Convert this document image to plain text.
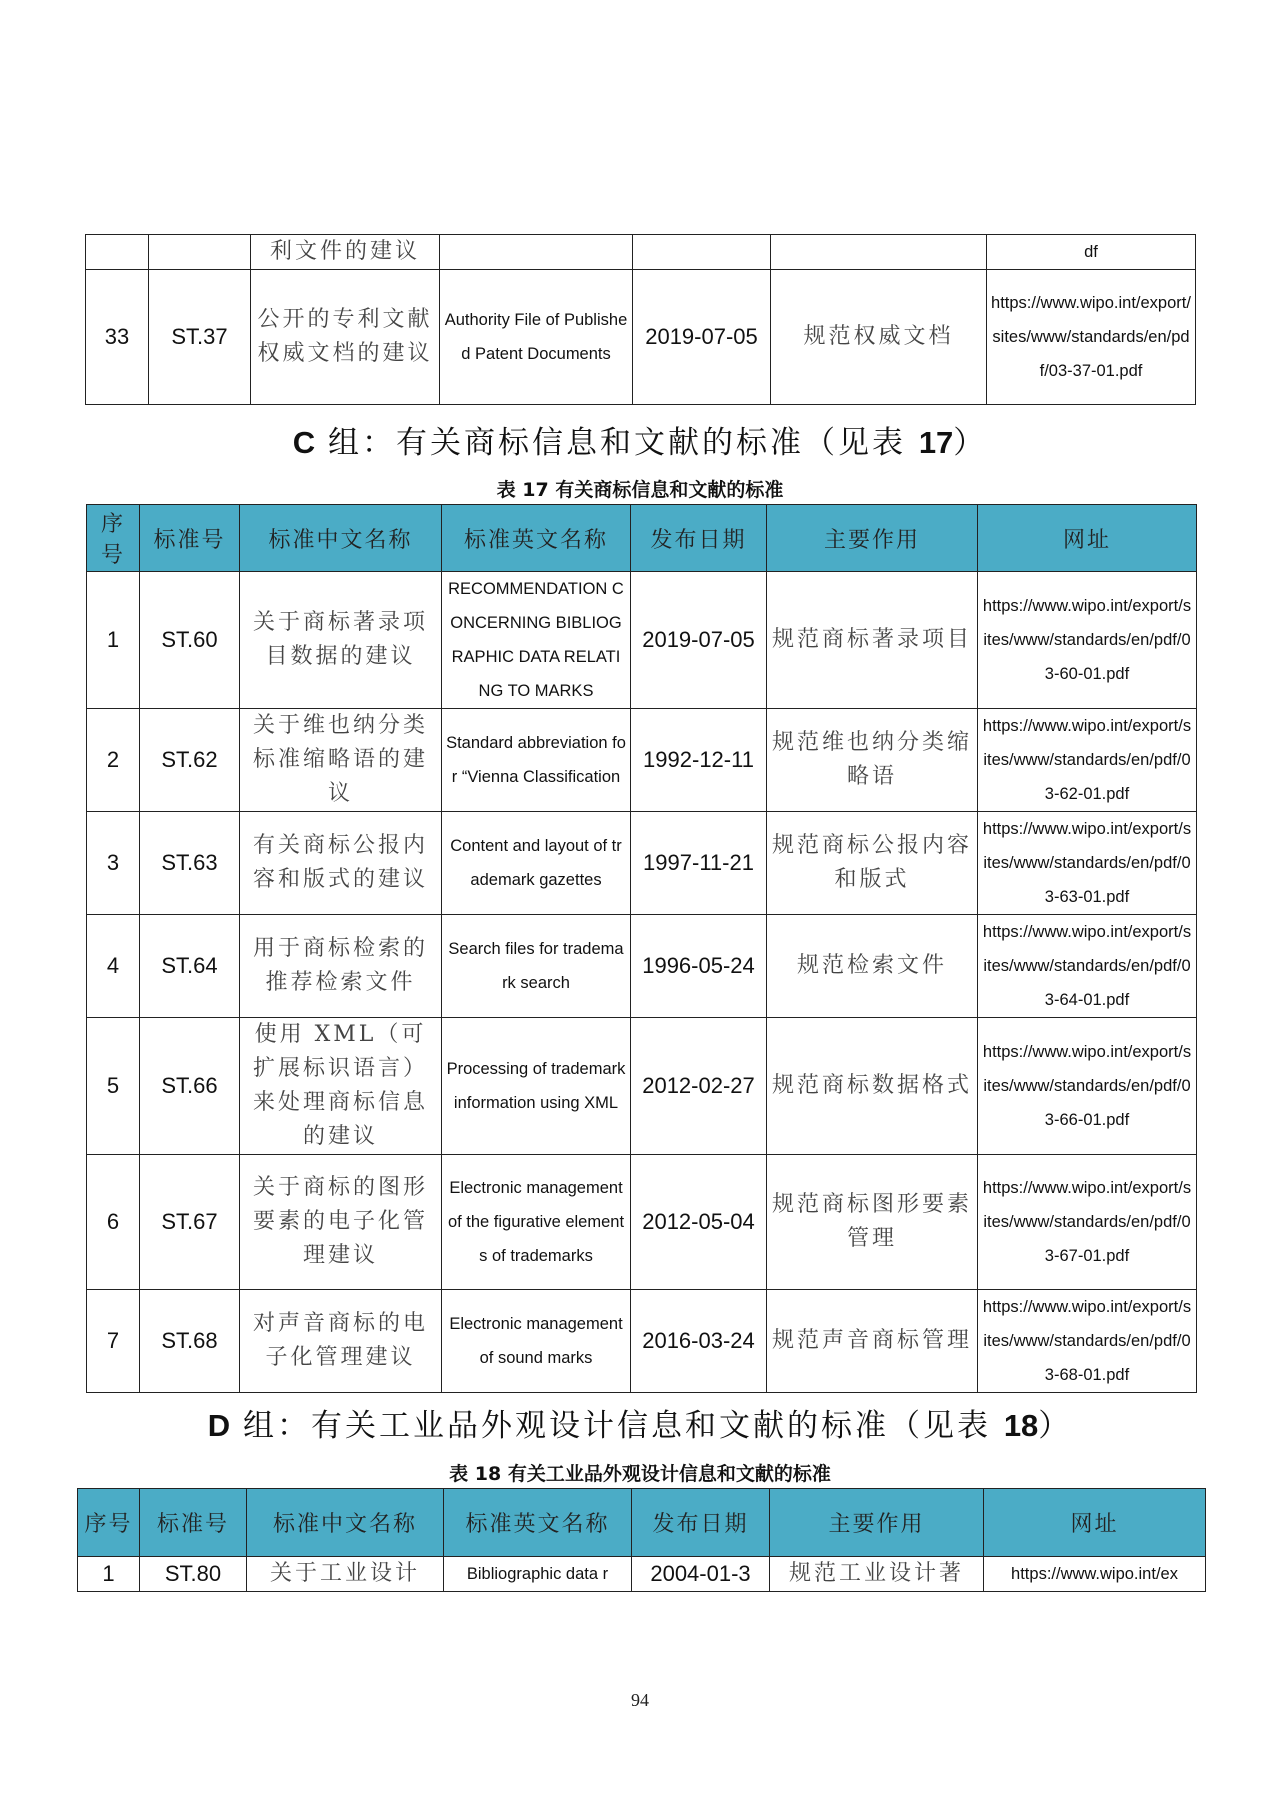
		利文件的建议				df
33	ST.37	公开的专利文献权威文档的建议	Authority File of Published Patent Documents	2019-07-05	规范权威文档	https://www.wipo.int/export/sites/www/standards/en/pdf/03-37-01.pdf
C 组：有关商标信息和文献的标准（见表 17）
表 17 有关商标信息和文献的标准
序号	标准号	标准中文名称	标准英文名称	发布日期	主要作用	网址
1	ST.60	关于商标著录项目数据的建议	RECOMMENDATION CONCERNING BIBLIOGRAPHIC DATA RELATING TO MARKS	2019-07-05	规范商标著录项目	https://www.wipo.int/export/sites/www/standards/en/pdf/03-60-01.pdf
2	ST.62	关于维也纳分类标准缩略语的建议	Standard abbreviation for “Vienna Classification	1992-12-11	规范维也纳分类缩略语	https://www.wipo.int/export/sites/www/standards/en/pdf/03-62-01.pdf
3	ST.63	有关商标公报内容和版式的建议	Content and layout of trademark gazettes	1997-11-21	规范商标公报内容和版式	https://www.wipo.int/export/sites/www/standards/en/pdf/03-63-01.pdf
4	ST.64	用于商标检索的推荐检索文件	Search files for trademark search	1996-05-24	规范检索文件	https://www.wipo.int/export/sites/www/standards/en/pdf/03-64-01.pdf
5	ST.66	使用 XML（可扩展标识语言）来处理商标信息的建议	Processing of trademark information using XML	2012-02-27	规范商标数据格式	https://www.wipo.int/export/sites/www/standards/en/pdf/03-66-01.pdf
6	ST.67	关于商标的图形要素的电子化管理建议	Electronic management of the figurative elements of trademarks	2012-05-04	规范商标图形要素管理	https://www.wipo.int/export/sites/www/standards/en/pdf/03-67-01.pdf
7	ST.68	对声音商标的电子化管理建议	Electronic management of sound marks	2016-03-24	规范声音商标管理	https://www.wipo.int/export/sites/www/standards/en/pdf/03-68-01.pdf
D 组：有关工业品外观设计信息和文献的标准（见表 18）
表 18 有关工业品外观设计信息和文献的标准
序号	标准号	标准中文名称	标准英文名称	发布日期	主要作用	网址
1	ST.80	关于工业设计	Bibliographic data r	2004-01-3	规范工业设计著	https://www.wipo.int/ex
94
